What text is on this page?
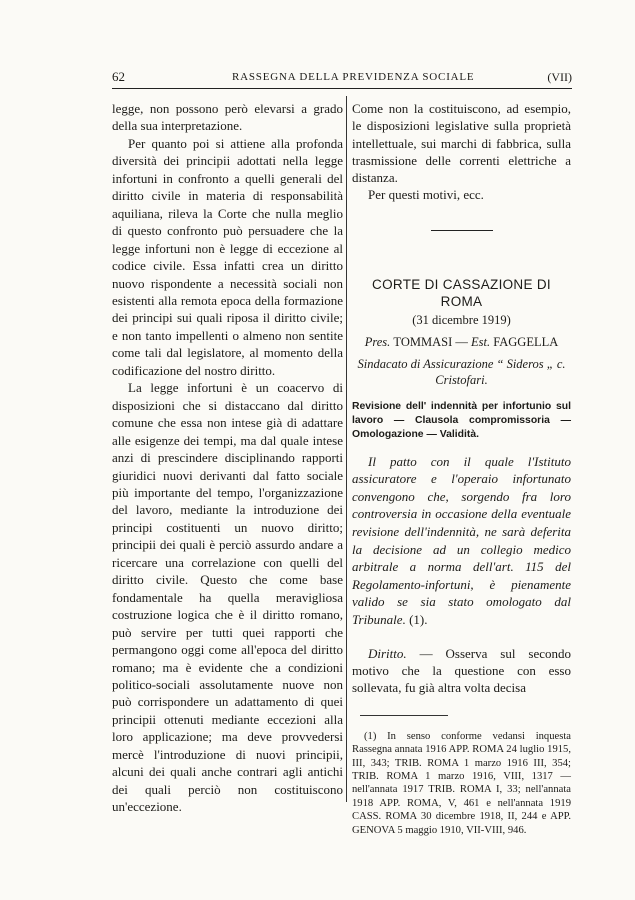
62	RASSEGNA DELLA PREVIDENZA SOCIALE	(VII)

legge, non possono però elevarsi a grado della sua interpretazione.

Per quanto poi si attiene alla profonda diversità dei principii adottati nella legge infortuni in confronto a quelli generali del diritto civile in materia di responsabilità aquiliana, rileva la Corte che nulla meglio di questo confronto può persuadere che la legge infortuni non è legge di eccezione al codice civile. Essa infatti crea un diritto nuovo rispondente a necessità sociali non esistenti alla remota epoca della formazione dei principi sui quali riposa il diritto civile; e non tanto impellenti o almeno non sentite come tali dal legislatore, al momento della codificazione del nostro diritto.

La legge infortuni è un coacervo di disposizioni che si distaccano dal diritto comune che essa non intese già di adattare alle esigenze dei tempi, ma dal quale intese anzi di prescindere disciplinando rapporti giuridici nuovi derivanti dal fatto sociale più importante del tempo, l'organizzazione del lavoro, mediante la introduzione dei principi costituenti un nuovo diritto; principii dei quali è perciò assurdo andare a ricercare una correlazione con quelli del diritto civile. Questo che come base fondamentale ha quella meravigliosa costruzione logica che è il diritto romano, può servire per tutti quei rapporti che permangono oggi come all'epoca del diritto romano; ma è evidente che a condizioni politico-sociali assolutamente nuove non può corrispondere un adattamento di quei principii ottenuti mediante eccezioni alla loro applicazione; ma deve provvedersi mercè l'introduzione di nuovi principii, alcuni dei quali anche contrari agli antichi dei quali perciò non costituiscono un'eccezione.

Come non la costituiscono, ad esempio, le disposizioni legislative sulla proprietà intellettuale, sui marchi di fabbrica, sulla trasmissione delle correnti elettriche a distanza.

Per questi motivi, ecc.

CORTE DI CASSAZIONE DI ROMA
(31 dicembre 1919)
Pres. TOMMASI — Est. FAGGELLA
Sindacato di Assicurazione “ Sideros „ c. Cristofari.
Revisione dell' indennità per infortunio sul lavoro — Clausola compromissoria — Omologazione — Validità.
Il patto con il quale l'Istituto assicuratore e l'operaio infortunato convengono che, sorgendo fra loro controversia in occasione della eventuale revisione dell'indennità, ne sarà deferita la decisione ad un collegio medico arbitrale a norma dell'art. 115 del Regolamento-infortuni, è pienamente valido se sia stato omologato dal Tribunale. (1).
Diritto. — Osserva sul secondo motivo che la questione con esso sollevata, fu già altra volta decisa
(1) In senso conforme vedansi inquesta Rassegna annata 1916 APP. ROMA 24 luglio 1915, III, 343; TRIB. ROMA 1 marzo 1916 III, 354; TRIB. ROMA 1 marzo 1916, VIII, 1317 — nell'annata 1917 TRIB. ROMA I, 33; nell'annata 1918 APP. ROMA, V, 461 e nell'annata 1919 CASS. ROMA 30 dicembre 1918, II, 244 e APP. GENOVA 5 maggio 1910, VII-VIII, 946.
